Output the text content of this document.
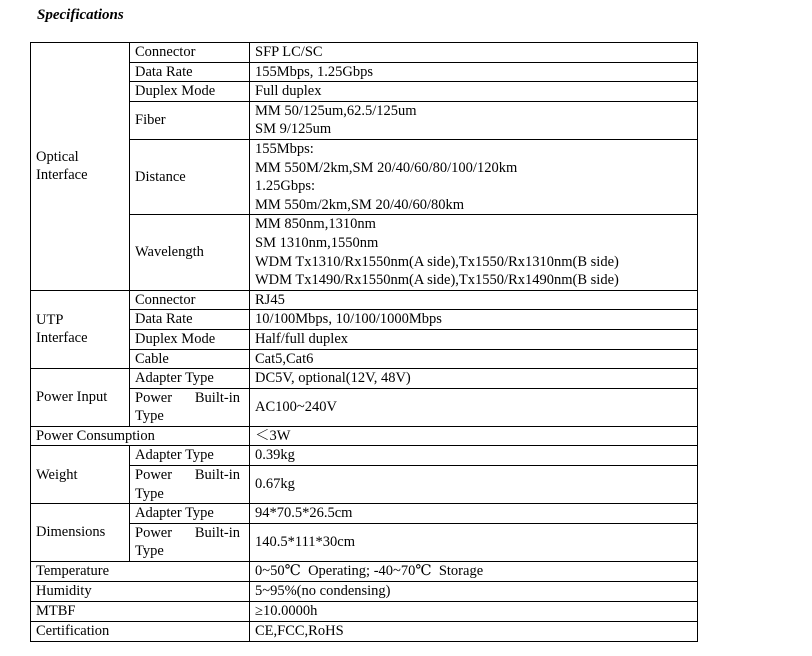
Specifications
Optical
Interface	Connector	SFP LC/SC
	Data Rate	155Mbps, 1.25Gbps
	Duplex Mode	Full duplex
	Fiber	MM 50/125um,62.5/125um
SM 9/125um

	Distance	155Mbps:
MM 550M/2km,SM 20/40/60/80/100/120km
1.25Gbps:
MM 550m/2km,SM 20/40/60/80km

	Wavelength	MM 850nm,1310nm
SM 1310nm,1550nm
WDM Tx1310/Rx1550nm(A side),Tx1550/Rx1310nm(B side)
WDM Tx1490/Rx1550nm(A side),Tx1550/Rx1490nm(B side)

UTP
Interface	Connector	RJ45
	Data Rate	10/100Mbps, 10/100/1000Mbps
	Duplex Mode	Half/full duplex
	Cable	Cat5,Cat6
Power Input	Adapter Type	DC5V, optional(12V, 48V)

	Power Built-in Type	AC100~240V
Power Consumption		＜3W
Weight	Adapter Type	0.39kg

	Power Built-in Type	0.67kg
Dimensions	Adapter Type	94*70.5*26.5cm

	Power Built-in Type	140.5*111*30cm
Temperature		0~50℃  Operating; -40~70℃  Storage
Humidity		5~95%(no condensing)
MTBF		≥10.0000h
Certification		CE,FCC,RoHS
